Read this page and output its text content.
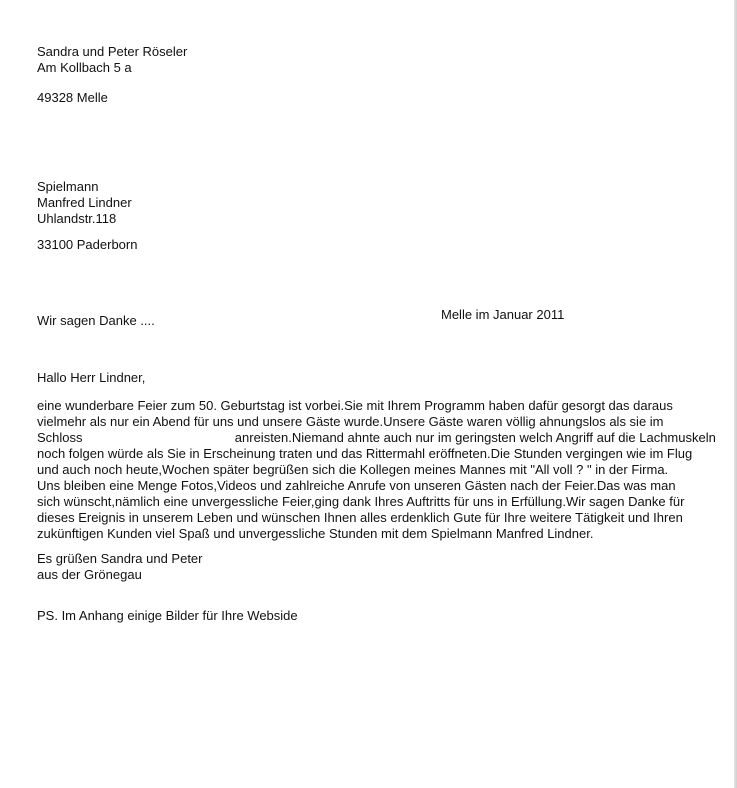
Sandra und Peter Röseler
Am Kollbach 5 a
49328 Melle
Spielmann
Manfred Lindner
Uhlandstr.118
33100 Paderborn
Wir sagen Danke ....	Melle im Januar 2011
Hallo Herr Lindner,
eine wunderbare Feier zum 50. Geburtstag ist vorbei.Sie mit Ihrem Programm haben dafür gesorgt das daraus
vielmehr als nur ein Abend für uns und unsere Gäste wurde.Unsere Gäste waren völlig ahnungslos als sie im
Schloss	anreisten.Niemand ahnte auch nur im geringsten welch Angriff auf die Lachmuskeln
noch folgen würde als Sie in Erscheinung traten und das Rittermahl eröffneten.Die Stunden vergingen wie im Flug
und auch noch heute,Wochen später begrüßen sich die Kollegen meines Mannes mit "All voll ? " in der Firma.
Uns bleiben eine Menge Fotos,Videos und zahlreiche Anrufe von unseren Gästen nach der Feier.Das was man
sich wünscht,nämlich eine unvergessliche Feier,ging dank Ihres Auftritts für uns in Erfüllung.Wir sagen Danke für
dieses Ereignis in unserem Leben und wünschen Ihnen alles erdenklich Gute für Ihre weitere Tätigkeit und Ihren
zukünftigen Kunden viel Spaß und unvergessliche Stunden mit dem Spielmann Manfred Lindner.
Es grüßen Sandra und Peter
aus der Grönegau
PS. Im Anhang einige Bilder für Ihre Webside
